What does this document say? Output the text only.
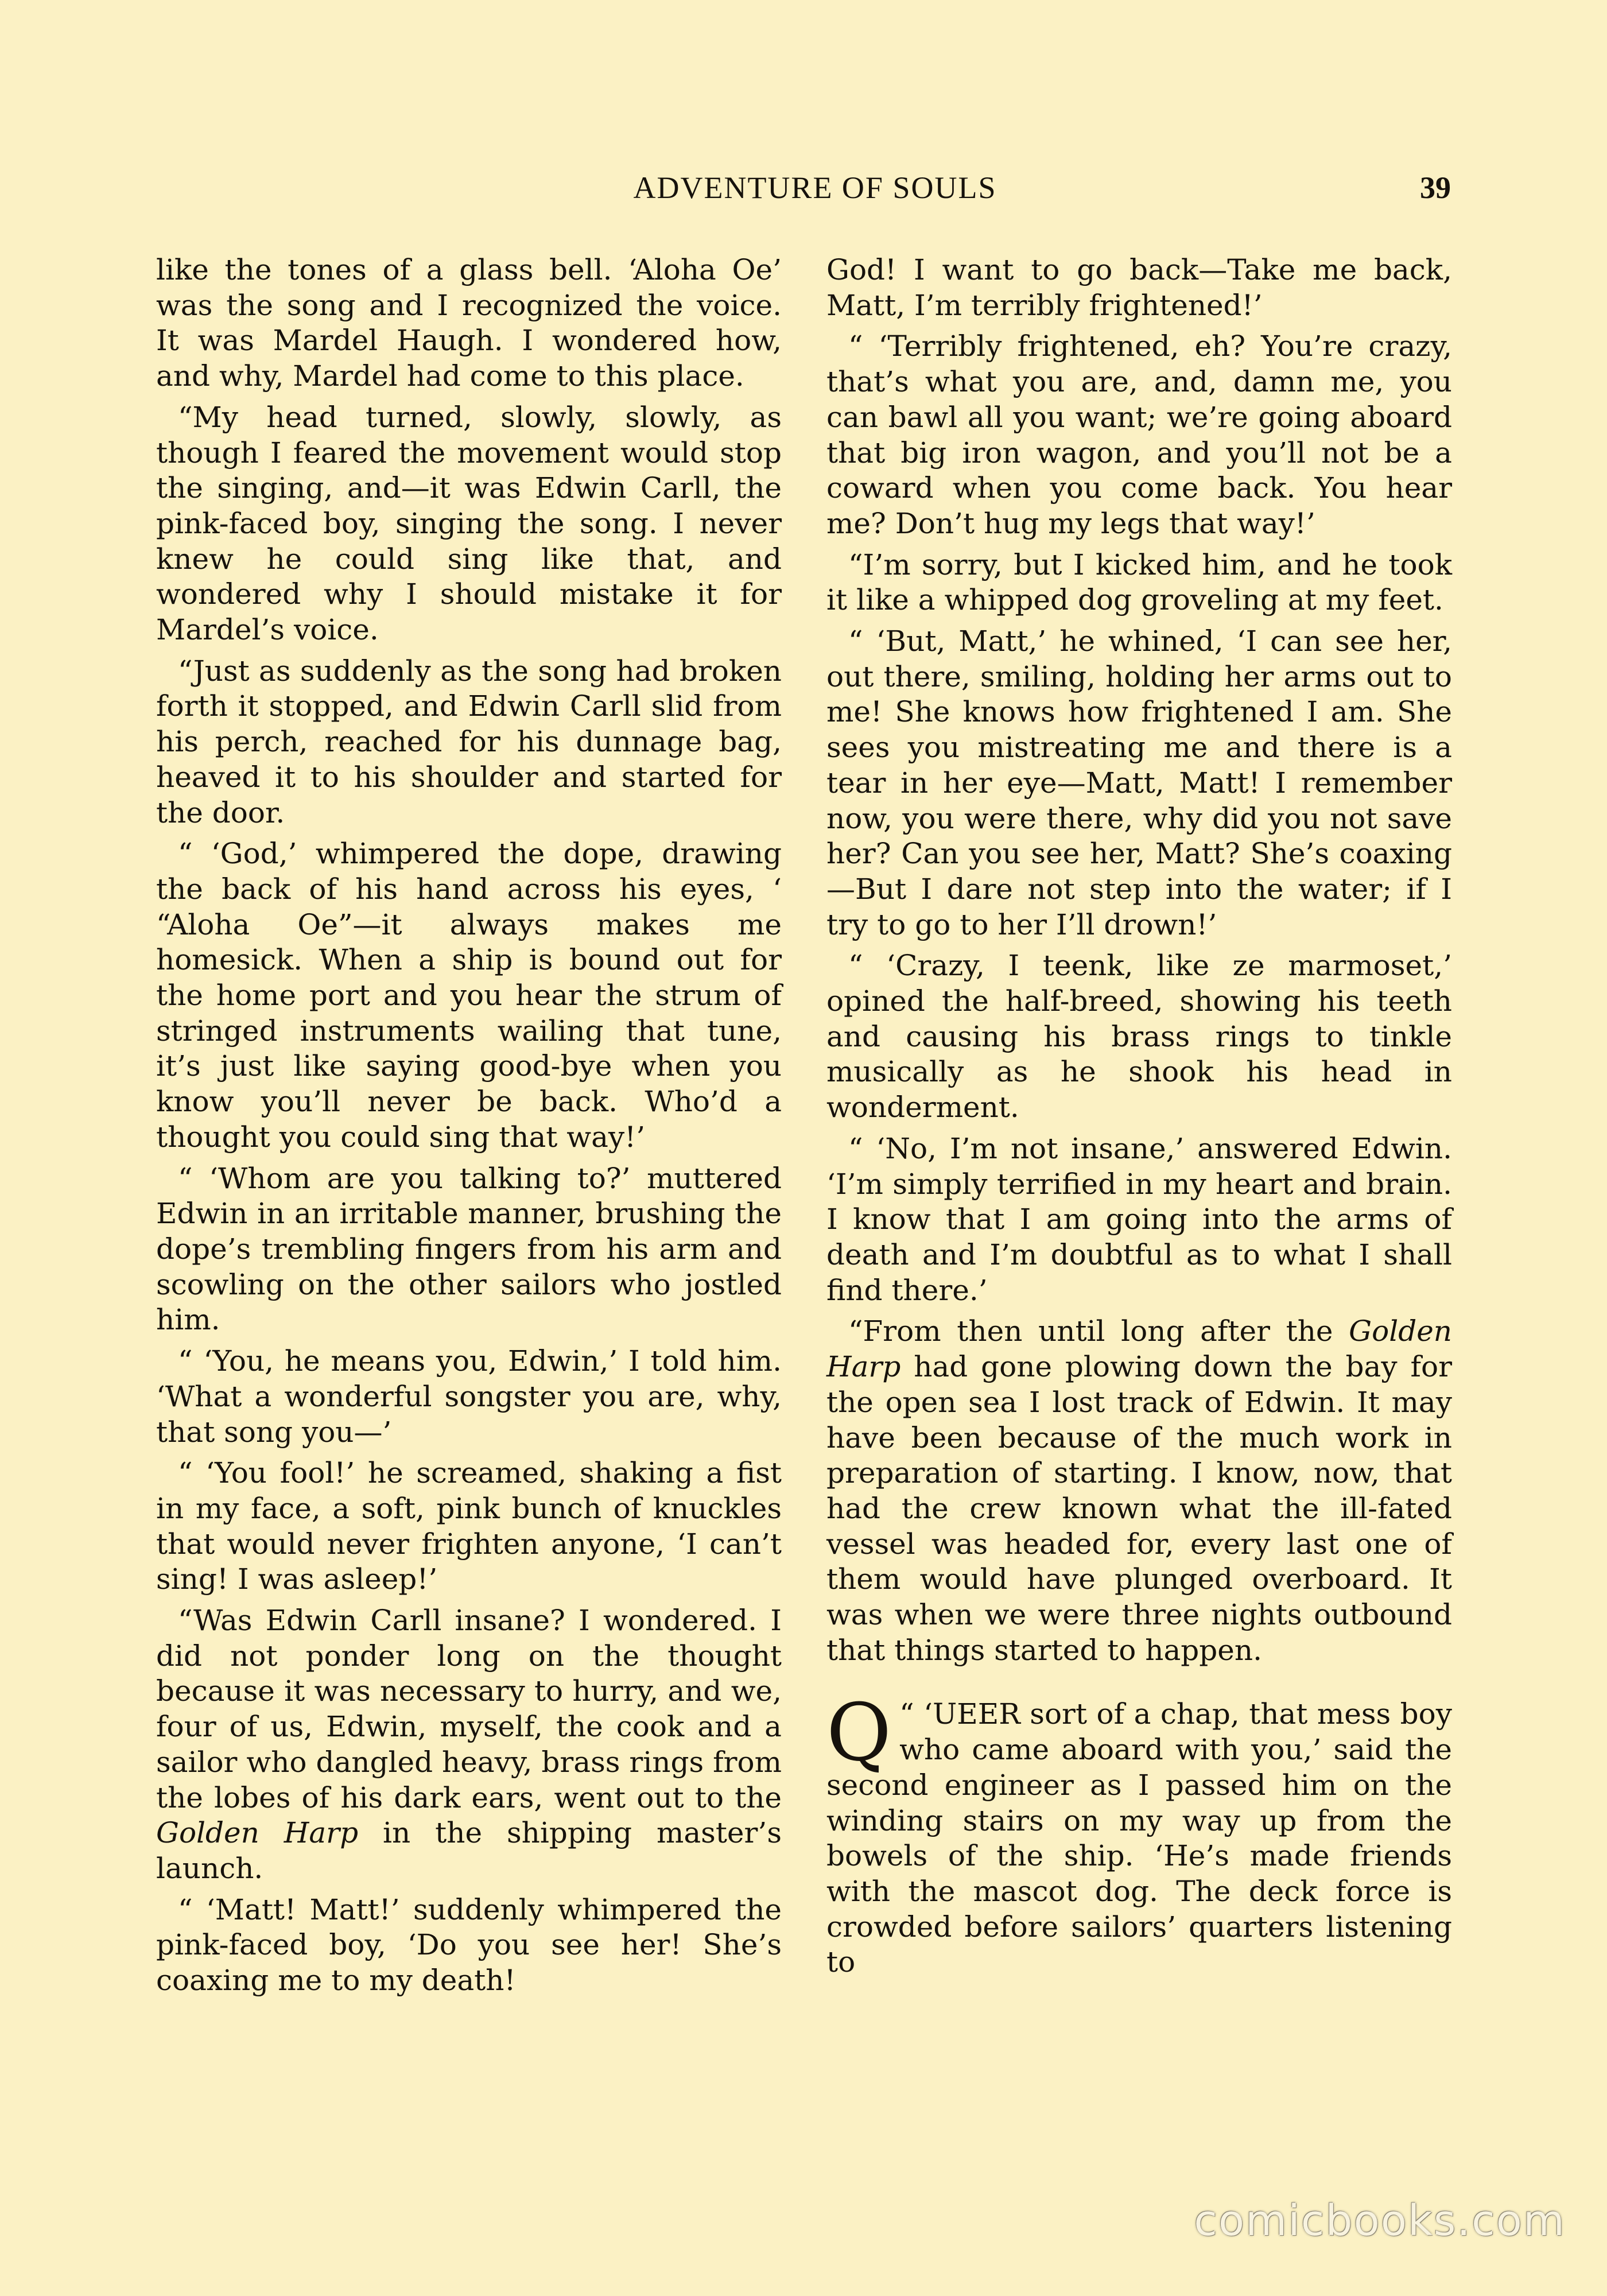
ADVENTURE OF SOULS	39

like the tones of a glass bell. ‘Aloha Oe’ was the song and I recognized the voice. It was Mardel Haugh. I wondered how, and why, Mardel had come to this place.

“My head turned, slowly, slowly, as though I feared the movement would stop the singing, and—it was Edwin Carll, the pink-faced boy, singing the song. I never knew he could sing like that, and wondered why I should mistake it for Mardel’s voice.

“Just as suddenly as the song had broken forth it stopped, and Edwin Carll slid from his perch, reached for his dunnage bag, heaved it to his shoulder and started for the door.

“ ‘God,’ whimpered the dope, drawing the back of his hand across his eyes, ‘ “Aloha Oe”—it always makes me homesick. When a ship is bound out for the home port and you hear the strum of stringed instruments wailing that tune, it’s just like saying good-bye when you know you’ll never be back. Who’d a thought you could sing that way!’

“ ‘Whom are you talking to?’ muttered Edwin in an irritable manner, brushing the dope’s trembling fingers from his arm and scowling on the other sailors who jostled him.

“ ‘You, he means you, Edwin,’ I told him. ‘What a wonderful songster you are, why, that song you—’

“ ‘You fool!’ he screamed, shaking a fist in my face, a soft, pink bunch of knuckles that would never frighten anyone, ‘I can’t sing! I was asleep!’

“Was Edwin Carll insane? I wondered. I did not ponder long on the thought because it was necessary to hurry, and we, four of us, Edwin, myself, the cook and a sailor who dangled heavy, brass rings from the lobes of his dark ears, went out to the Golden Harp in the shipping master’s launch.

“ ‘Matt! Matt!’ suddenly whimpered the pink-faced boy, ‘Do you see her! She’s coaxing me to my death!

God! I want to go back—Take me back, Matt, I’m terribly frightened!’

“ ‘Terribly frightened, eh? You’re crazy, that’s what you are, and, damn me, you can bawl all you want; we’re going aboard that big iron wagon, and you’ll not be a coward when you come back. You hear me? Don’t hug my legs that way!’

“I’m sorry, but I kicked him, and he took it like a whipped dog groveling at my feet.

“ ‘But, Matt,’ he whined, ‘I can see her, out there, smiling, holding her arms out to me! She knows how frightened I am. She sees you mistreating me and there is a tear in her eye—Matt, Matt! I remember now, you were there, why did you not save her? Can you see her, Matt? She’s coaxing—But I dare not step into the water; if I try to go to her I’ll drown!’

“ ‘Crazy, I teenk, like ze marmoset,’ opined the half-breed, showing his teeth and causing his brass rings to tinkle musically as he shook his head in wonderment.

“ ‘No, I’m not insane,’ answered Edwin. ‘I’m simply terrified in my heart and brain. I know that I am going into the arms of death and I’m doubtful as to what I shall find there.’

“From then until long after the Golden Harp had gone plowing down the bay for the open sea I lost track of Edwin. It may have been because of the much work in preparation of starting. I know, now, that had the crew known what the ill-fated vessel was headed for, every last one of them would have plunged overboard. It was when we were three nights outbound that things started to happen.

“ ‘
Q UEER sort of a chap, that mess boy who came aboard with you,’ said the second engineer as I passed him on the winding stairs on my way up from the bowels of the ship. ‘He’s made friends with the mascot dog. The deck force is crowded before sailors’ quarters listening to

comicbooks.com
